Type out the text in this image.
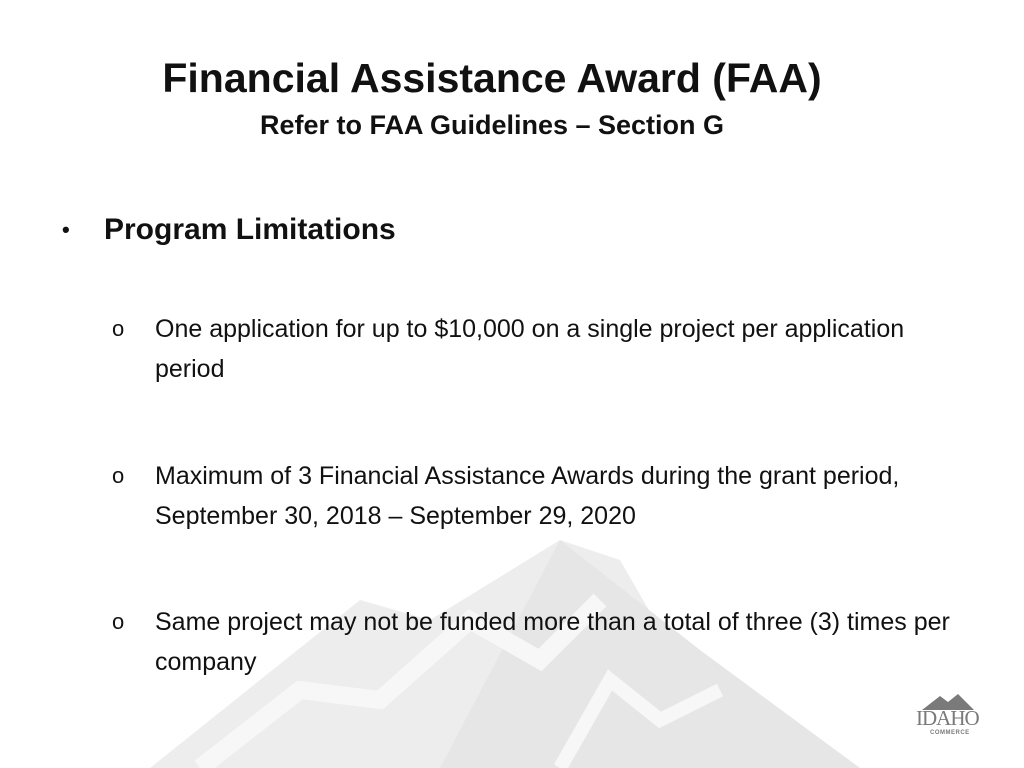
Financial Assistance Award (FAA)
Refer to FAA Guidelines – Section G
•	Program Limitations
o One application for up to $10,000 on a single project per application period
o Maximum of 3 Financial Assistance Awards during the grant period, September 30, 2018 – September 29, 2020
o Same project may not be funded more than a total of three (3) times per company
IDAHO
COMMERCE
